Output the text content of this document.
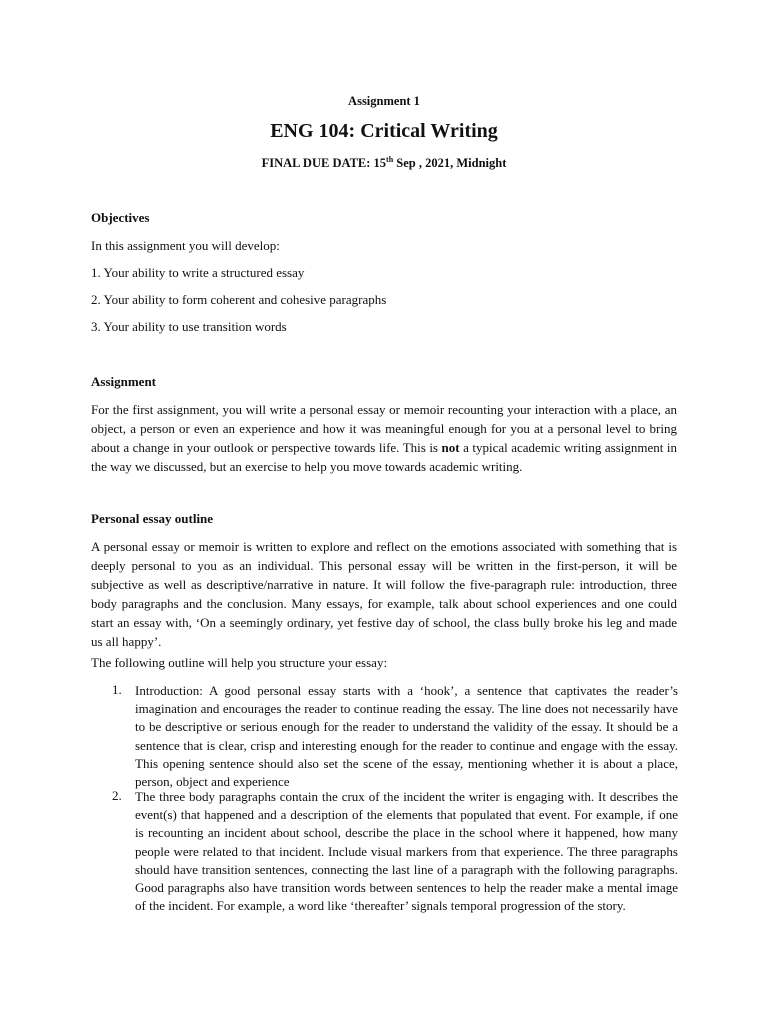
Assignment 1
ENG 104: Critical Writing
FINAL DUE DATE: 15th Sep , 2021, Midnight
Objectives
In this assignment you will develop:
1. Your ability to write a structured essay
2. Your ability to form coherent and cohesive paragraphs
3. Your ability to use transition words
Assignment
For the first assignment, you will write a personal essay or memoir recounting your interaction with a place, an object, a person or even an experience and how it was meaningful enough for you at a personal level to bring about a change in your outlook or perspective towards life. This is not a typical academic writing assignment in the way we discussed, but an exercise to help you move towards academic writing.
Personal essay outline
A personal essay or memoir is written to explore and reflect on the emotions associated with something that is deeply personal to you as an individual. This personal essay will be written in the first-person, it will be subjective as well as descriptive/narrative in nature. It will follow the five-paragraph rule: introduction, three body paragraphs and the conclusion. Many essays, for example, talk about school experiences and one could start an essay with, ‘On a seemingly ordinary, yet festive day of school, the class bully broke his leg and made us all happy’.
The following outline will help you structure your essay:
1. Introduction: A good personal essay starts with a ‘hook’, a sentence that captivates the reader’s imagination and encourages the reader to continue reading the essay. The line does not necessarily have to be descriptive or serious enough for the reader to understand the validity of the essay. It should be a sentence that is clear, crisp and interesting enough for the reader to continue and engage with the essay. This opening sentence should also set the scene of the essay, mentioning whether it is about a place, person, object and experience
2. The three body paragraphs contain the crux of the incident the writer is engaging with. It describes the event(s) that happened and a description of the elements that populated that event. For example, if one is recounting an incident about school, describe the place in the school where it happened, how many people were related to that incident. Include visual markers from that experience. The three paragraphs should have transition sentences, connecting the last line of a paragraph with the following paragraphs. Good paragraphs also have transition words between sentences to help the reader make a mental image of the incident. For example, a word like ‘thereafter’ signals temporal progression of the story.
